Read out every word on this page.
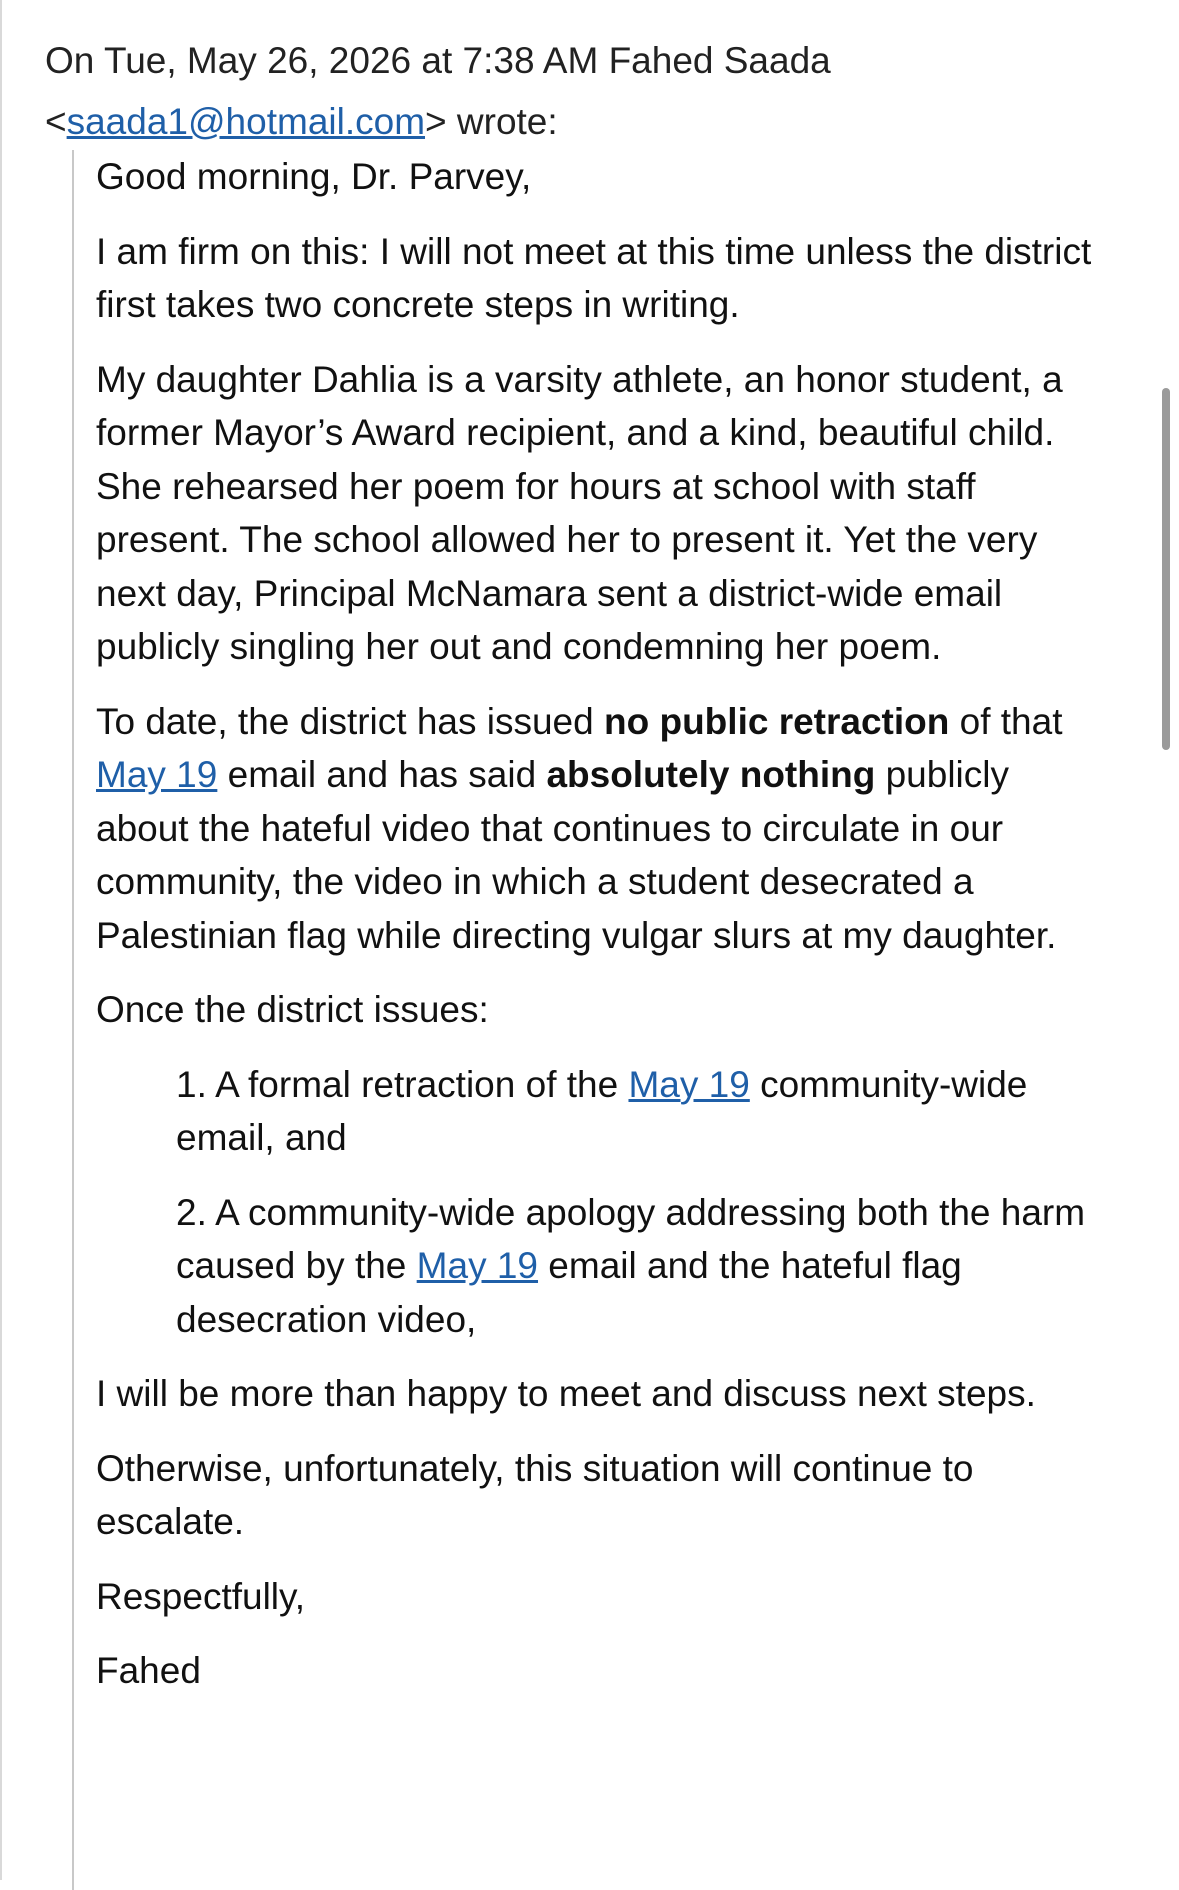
On Tue, May 26, 2026 at 7:38 AM Fahed Saada
<saada1@hotmail.com> wrote:

Good morning, Dr. Parvey,

I am firm on this: I will not meet at this time unless the district first takes two concrete steps in writing.

My daughter Dahlia is a varsity athlete, an honor student, a former Mayor’s Award recipient, and a kind, beautiful child. She rehearsed her poem for hours at school with staff present. The school allowed her to present it. Yet the very next day, Principal McNamara sent a district-wide email publicly singling her out and condemning her poem.

To date, the district has issued no public retraction of that May 19 email and has said absolutely nothing publicly about the hateful video that continues to circulate in our community, the video in which a student desecrated a Palestinian flag while directing vulgar slurs at my daughter.

Once the district issues:

1. A formal retraction of the May 19 community-wide email, and
2. A community-wide apology addressing both the harm caused by the May 19 email and the hateful flag desecration video,

I will be more than happy to meet and discuss next steps.

Otherwise, unfortunately, this situation will continue to escalate.

Respectfully,

Fahed
